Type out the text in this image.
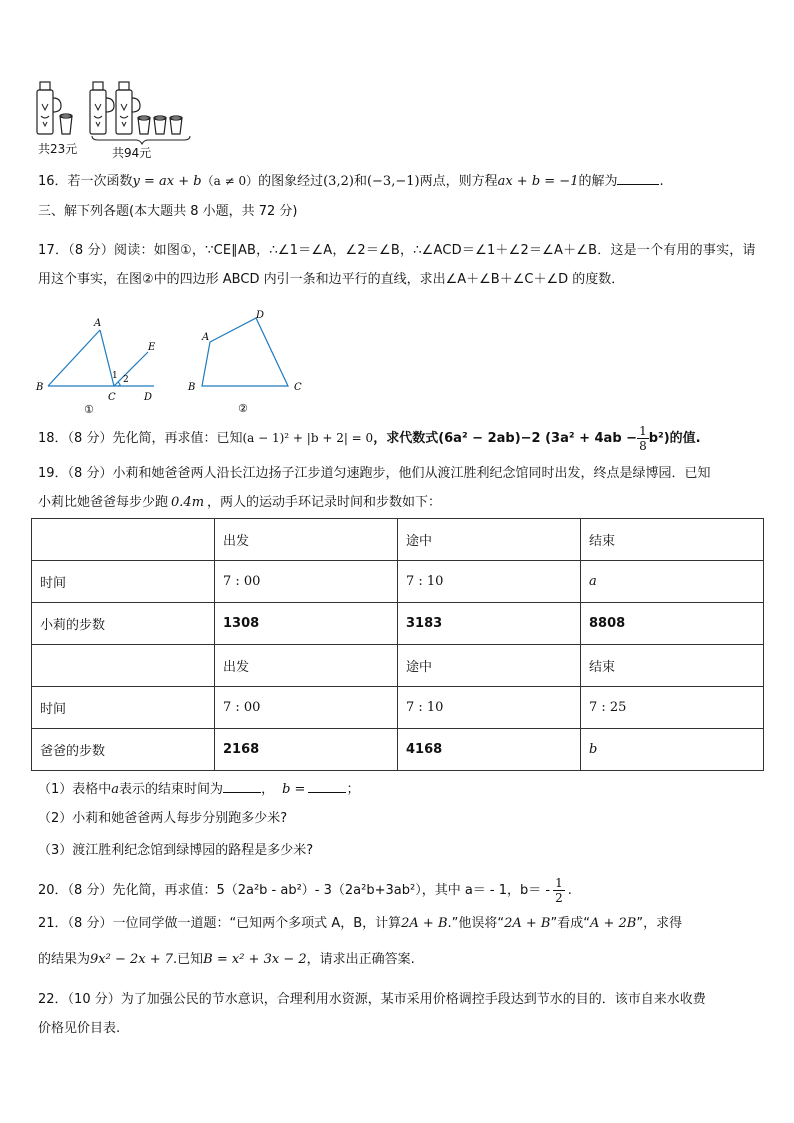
共23元	共94元
16．若一次函数y = ax + b（a ≠ 0）的图象经过(3,2)和(−3,−1)两点，则方程ax + b = −1的解为	.
三、解下列各题(本大题共 8 小题，共 72 分)
17．（8 分）阅读：如图①，∵CE∥AB，∴∠1＝∠A，∠2＝∠B，∴∠ACD＝∠1＋∠2＝∠A＋∠B．这是一个有用的事实，请
用这个事实，在图②中的四边形 ABCD 内引一条和边平行的直线，求出∠A＋∠B＋∠C＋∠D 的度数．
A
B
C	D
E
1 2
①
A
B	C
D
②
18．（8 分）先化简，再求值：已知(a − 1)² + |b + 2| = 0，求代数式(6a² − 2ab)−2 $(3a^2 + 4ab - \frac{1}{8} b^2)$的值.
19．（8 分）小莉和她爸爸两人沿长江边扬子江步道匀速跑步，他们从渡江胜利纪念馆同时出发，终点是绿博园．已知
小莉比她爸爸每步少跑 0.4m ，两人的运动手环记录时间和步数如下：
	出发	途中	结束
时间	7 : 00	7 : 10	a
小莉的步数	1308	3183	8808
	出发	途中	结束
时间	7 : 00	7 : 10	7 : 25
爸爸的步数	2168	4168	b
（1）表格中a表示的结束时间为	， b =	；
（2）小莉和她爸爸两人每步分别跑多少米?
（3）渡江胜利纪念馆到绿博园的路程是多少米?
20．（8 分）先化简，再求值：5（2a²b - ab²）- 3（2a²b+3ab²），其中 a＝ - 1，$b= - \frac{1}{2}$ .
21．（8 分）一位同学做一道题：“已知两个多项式 A，B，计算2A + B.”他误将“2A + B”看成“A + 2B”，求得
的结果为9x² − 2x + 7.已知B = x² + 3x − 2，请求出正确答案.
22．（10 分）为了加强公民的节水意识，合理利用水资源，某市采用价格调控手段达到节水的目的．该市自来水收费
价格见价目表.
